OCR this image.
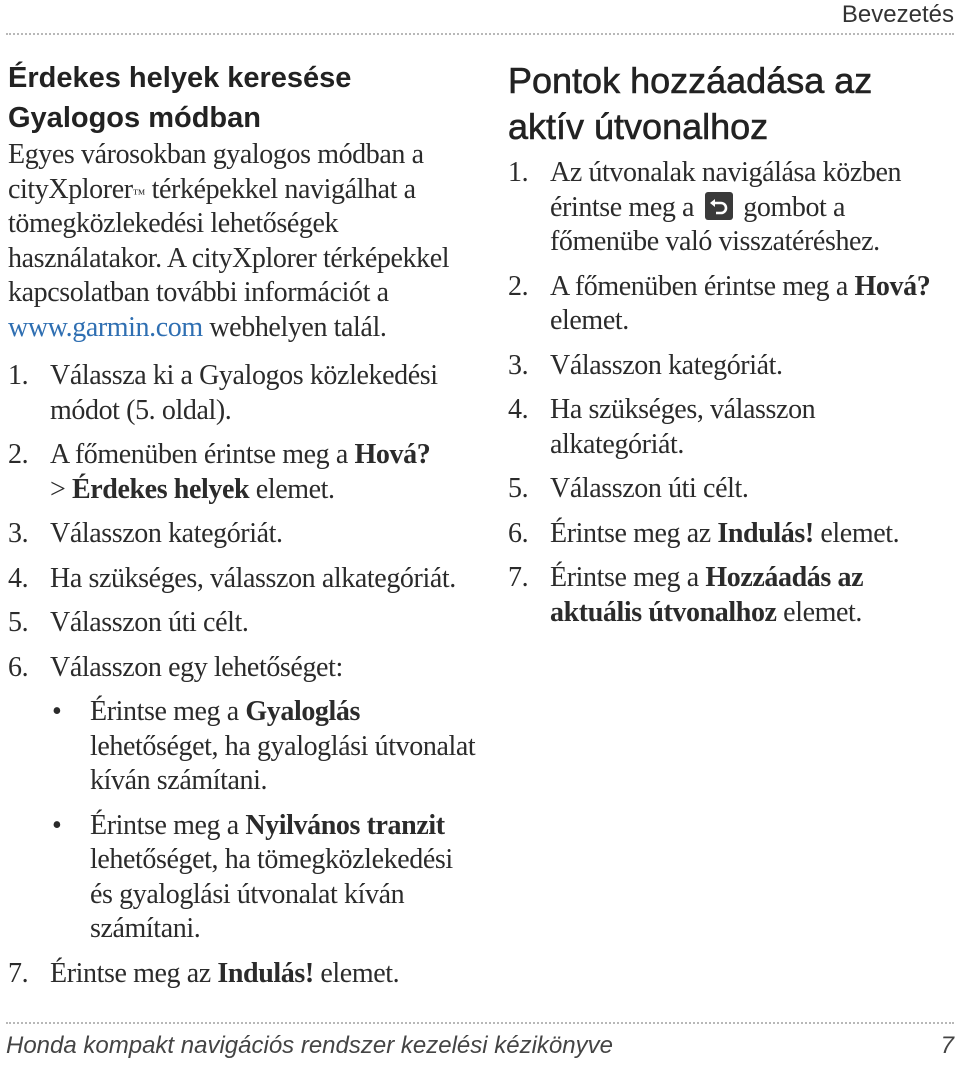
Bevezetés
Érdekes helyek keresése Gyalogos módban

Egyes városokban gyalogos módban a cityXplorer™ térképekkel navigálhat a tömegközlekedési lehetőségek használatakor. A cityXplorer térképekkel kapcsolatban további információt a www.garmin.com webhelyen talál.

1. Válassza ki a Gyalogos közlekedési módot (5. oldal).
2. A főmenüben érintse meg a Hová?
> Érdekes helyek elemet.
3. Válasszon kategóriát.
4. Ha szükséges, válasszon alkategóriát.
5. Válasszon úti célt.
6. Válasszon egy lehetőséget:
• Érintse meg a Gyaloglás lehetőséget, ha gyaloglási útvonalat kíván számítani.
• Érintse meg a Nyilvános tranzit lehetőséget, ha tömegközlekedési és gyaloglási útvonalat kíván számítani.
7. Érintse meg az Indulás! elemet.
Pontok hozzáadása az aktív útvonalhoz
1. Az útvonalak navigálása közben érintse meg a
gombot a főmenübe való visszatéréshez.
2. A főmenüben érintse meg a Hová? elemet.
3. Válasszon kategóriát.
4. Ha szükséges, válasszon alkategóriát.
5. Válasszon úti célt.
6. Érintse meg az Indulás! elemet.
7. Érintse meg a Hozzáadás az aktuális útvonalhoz elemet.
Honda kompakt navigációs rendszer kezelési kézikönyve	7
